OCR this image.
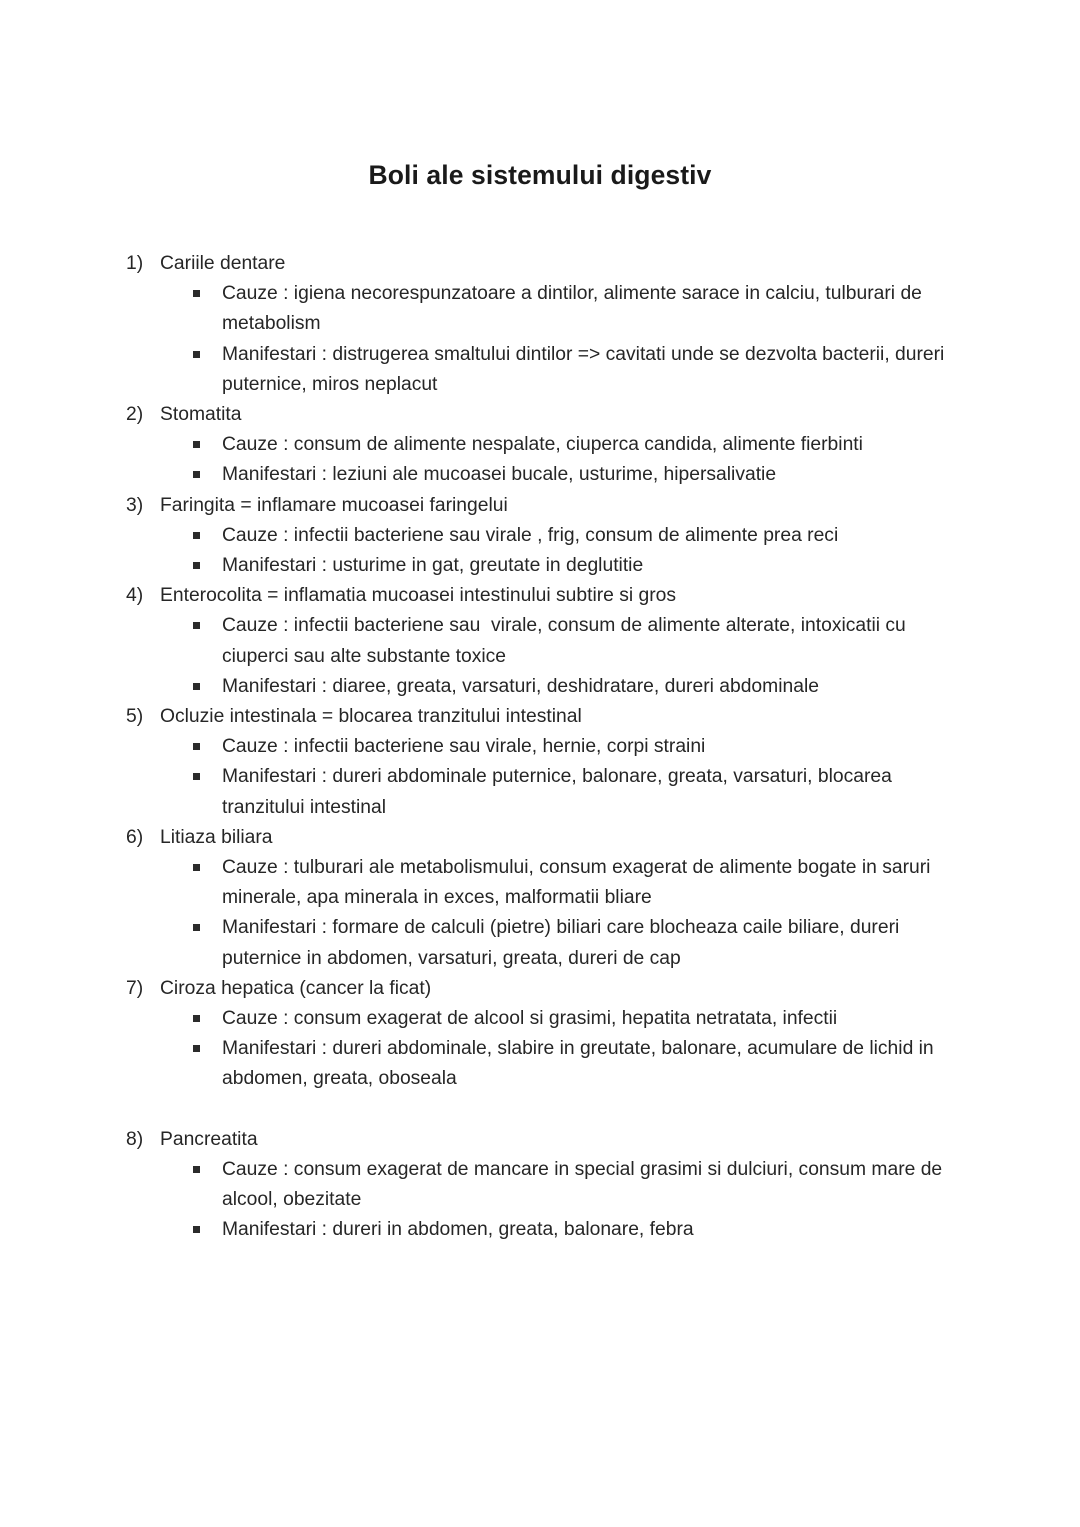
Boli ale sistemului digestiv
1) Cariile dentare
Cauze : igiena necorespunzatoare a dintilor, alimente sarace in calciu, tulburari de metabolism
Manifestari : distrugerea smaltului dintilor => cavitati unde se dezvolta bacterii, dureri puternice, miros neplacut
2) Stomatita
Cauze : consum de alimente nespalate, ciuperca candida, alimente fierbinti
Manifestari : leziuni ale mucoasei bucale, usturime, hipersalivatie
3) Faringita = inflamare mucoasei faringelui
Cauze : infectii bacteriene sau virale , frig, consum de alimente prea reci
Manifestari : usturime in gat, greutate in deglutitie
4) Enterocolita = inflamatia mucoasei intestinului subtire si gros
Cauze : infectii bacteriene sau  virale, consum de alimente alterate, intoxicatii cu ciuperci sau alte substante toxice
Manifestari : diaree, greata, varsaturi, deshidratare, dureri abdominale
5) Ocluzie intestinala = blocarea tranzitului intestinal
Cauze : infectii bacteriene sau virale, hernie, corpi straini
Manifestari : dureri abdominale puternice, balonare, greata, varsaturi, blocarea tranzitului intestinal
6) Litiaza biliara
Cauze : tulburari ale metabolismului, consum exagerat de alimente bogate in saruri minerale, apa minerala in exces, malformatii bliare
Manifestari : formare de calculi (pietre) biliari care blocheaza caile biliare, dureri puternice in abdomen, varsaturi, greata, dureri de cap
7) Ciroza hepatica (cancer la ficat)
Cauze : consum exagerat de alcool si grasimi, hepatita netratata, infectii
Manifestari : dureri abdominale, slabire in greutate, balonare, acumulare de lichid in abdomen, greata, oboseala
8) Pancreatita
Cauze : consum exagerat de mancare in special grasimi si dulciuri, consum mare de alcool, obezitate
Manifestari : dureri in abdomen, greata, balonare, febra
